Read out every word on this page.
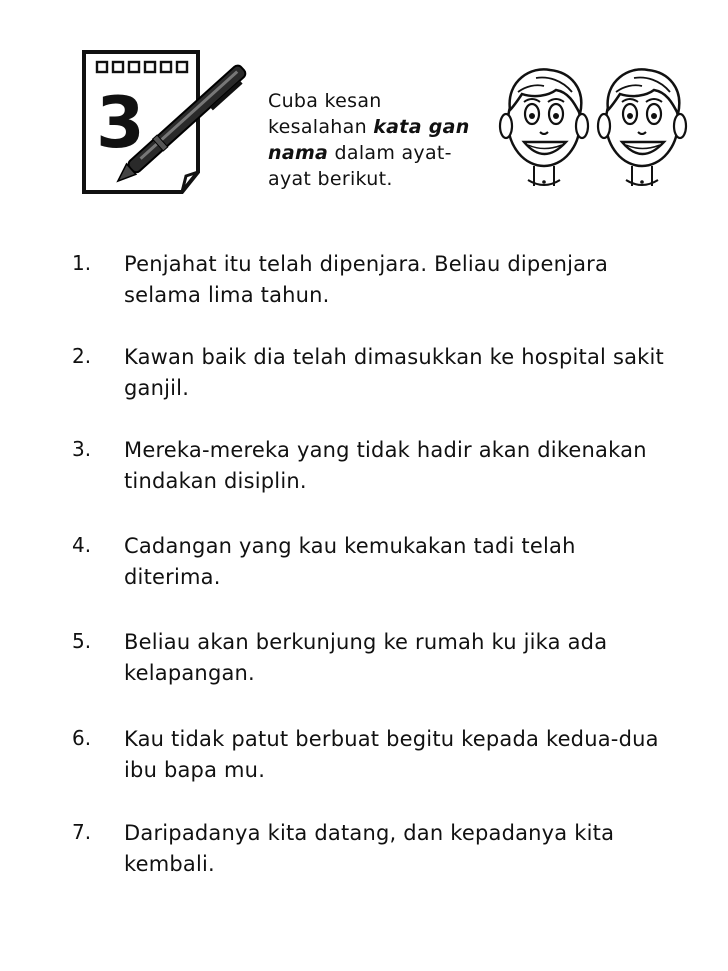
3	Cuba kesan
kesalahan kata gan
nama dalam ayat-
ayat berikut.
1.	Penjahat itu telah dipenjara. Beliau dipenjara selama lima tahun.
2.	Kawan baik dia telah dimasukkan ke hospital sakit ganjil.
3.	Mereka-mereka yang tidak hadir akan dikenakan tindakan disiplin.
4.	Cadangan yang kau kemukakan tadi telah diterima.
5.	Beliau akan berkunjung ke rumah ku jika ada kelapangan.
6.	Kau tidak patut berbuat begitu kepada kedua-dua ibu bapa mu.
7.	Daripadanya kita datang, dan kepadanya kita kembali.
